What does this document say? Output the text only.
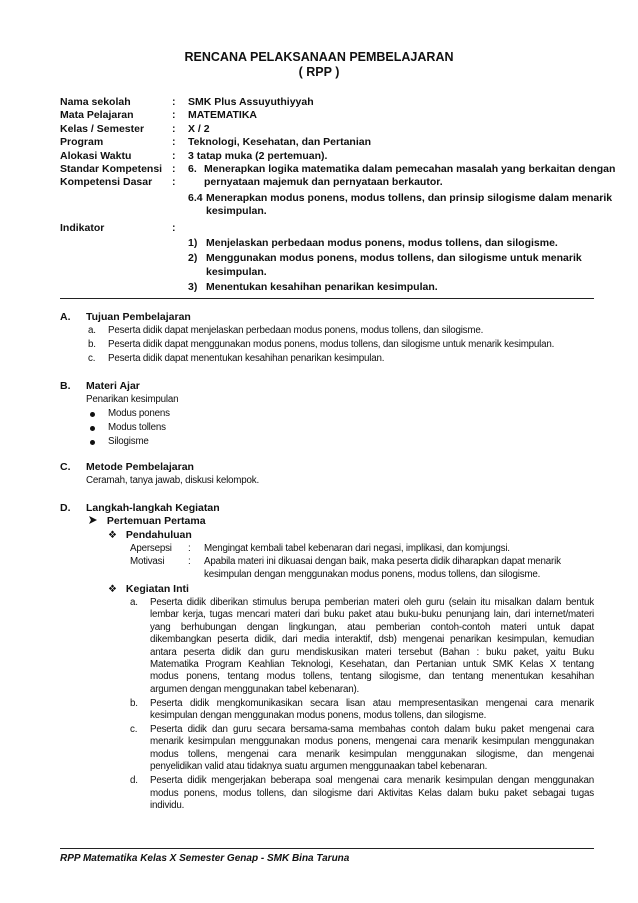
RENCANA PELAKSANAAN PEMBELAJARAN
( RPP )
Nama sekolah	: SMK Plus Assuyuthiyyah
Mata Pelajaran	: MATEMATIKA
Kelas / Semester	: X / 2
Program	: Teknologi, Kesehatan, dan Pertanian
Alokasi Waktu	: 3 tatap muka (2 pertemuan).
Standar Kompetensi : 6. Menerapkan logika matematika dalam pemecahan masalah yang berkaitan dengan
Kompetensi Dasar :	pernyataan majemuk dan pernyataan berkautor.
6.4 Menerapkan modus ponens, modus tollens, dan prinsip silogisme dalam menarik
kesimpulan.
Indikator	:
1) Menjelaskan perbedaan modus ponens, modus tollens, dan silogisme.
2) Menggunakan modus ponens, modus tollens, dan silogisme untuk menarik
kesimpulan.
3) Menentukan kesahihan penarikan kesimpulan.
A. Tujuan Pembelajaran
a. Peserta didik dapat menjelaskan perbedaan modus ponens, modus tollens, dan silogisme.
b. Peserta didik dapat menggunakan modus ponens, modus tollens, dan silogisme untuk menarik kesimpulan.
c. Peserta didik dapat menentukan kesahihan penarikan kesimpulan.
B. Materi Ajar
Penarikan kesimpulan
Modus ponens
Modus tollens
Silogisme
C. Metode Pembelajaran
Ceramah, tanya jawab, diskusi kelompok.
D. Langkah-langkah Kegiatan
Pertemuan Pertama
❖ Pendahuluan
Apersepsi : Mengingat kembali tabel kebenaran dari negasi, implikasi, dan komjungsi.
Motivasi : Apabila materi ini dikuasai dengan baik, maka peserta didik diharapkan dapat menarik
kesimpulan dengan menggunakan modus ponens, modus tollens, dan silogisme.
❖ Kegiatan Inti
a. Peserta didik diberikan stimulus berupa pemberian materi oleh guru (selain itu misalkan dalam bentuk
lembar kerja, tugas mencari materi dari buku paket atau buku-buku penunjang lain, dari internet/materi
yang berhubungan dengan lingkungan, atau pemberian contoh-contoh materi untuk dapat
dikembangkan peserta didik, dari media interaktif, dsb) mengenai penarikan kesimpulan, kemudian
antara peserta didik dan guru mendiskusikan materi tersebut (Bahan : buku paket, yaitu Buku
Matematika Program Keahlian Teknologi, Kesehatan, dan Pertanian untuk SMK Kelas X tentang
modus ponens, tentang modus tollens, tentang silogisme, dan tentang menentukan kesahihan
argumen dengan menggunakan tabel kebenaran).
b. Peserta didik mengkomunikasikan secara lisan atau mempresentasikan mengenai cara menarik
kesimpulan dengan menggunakan modus ponens, modus tollens, dan silogisme.
c. Peserta didik dan guru secara bersama-sama membahas contoh dalam buku paket mengenai cara
menarik kesimpulan menggunakan modus ponens, mengenai cara menarik kesimpulan menggunakan
modus tollens, mengenai cara menarik kesimpulan menggunakan silogisme, dan mengenai
penyelidikan valid atau tidaknya suatu argumen menggunaakan tabel kebenaran.
d. Peserta didik mengerjakan beberapa soal mengenai cara menarik kesimpulan dengan menggunakan
modus ponens, modus tollens, dan silogisme dari Aktivitas Kelas dalam buku paket sebagai tugas
individu.
RPP Matematika Kelas X Semester Genap - SMK Bina Taruna
